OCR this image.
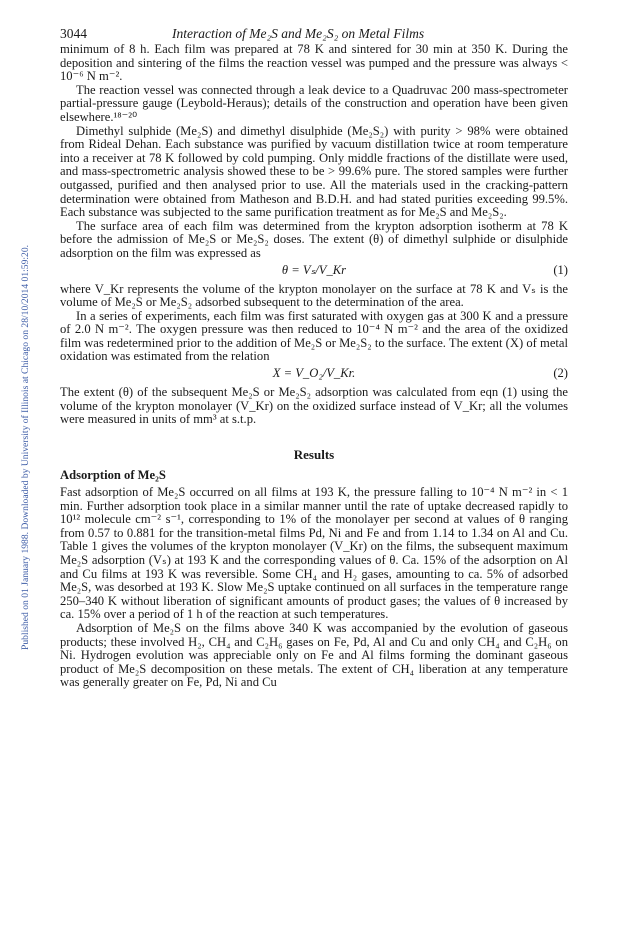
Published on 01 January 1988. Downloaded by University of Illinois at Chicago on 28/10/2014 01:59:20.
3044	Interaction of Me₂S and Me₂S₂ on Metal Films

minimum of 8 h. Each film was prepared at 78 K and sintered for 30 min at 350 K. During the deposition and sintering of the films the reaction vessel was pumped and the pressure was always < 10⁻⁶ N m⁻².

The reaction vessel was connected through a leak device to a Quadruvac 200 mass-spectrometer partial-pressure gauge (Leybold-Heraus); details of the construction and operation have been given elsewhere.¹⁸⁻²⁰

Dimethyl sulphide (Me₂S) and dimethyl disulphide (Me₂S₂) with purity > 98% were obtained from Rideal Dehan. Each substance was purified by vacuum distillation twice at room temperature into a receiver at 78 K followed by cold pumping. Only middle fractions of the distillate were used, and mass-spectrometric analysis showed these to be > 99.6% pure. The stored samples were further outgassed, purified and then analysed prior to use. All the materials used in the cracking-pattern determination were obtained from Matheson and B.D.H. and had stated purities exceeding 99.5%. Each substance was subjected to the same purification treatment as for Me₂S and Me₂S₂.

The surface area of each film was determined from the krypton adsorption isotherm at 78 K before the admission of Me₂S or Me₂S₂ doses. The extent (θ) of dimethyl sulphide or disulphide adsorption on the film was expressed as

θ = Vₛ/V_Kr	(1)

where V_Kr represents the volume of the krypton monolayer on the surface at 78 K and Vₛ is the volume of Me₂S or Me₂S₂ adsorbed subsequent to the determination of the area.

In a series of experiments, each film was first saturated with oxygen gas at 300 K and a pressure of 2.0 N m⁻². The oxygen pressure was then reduced to 10⁻⁴ N m⁻² and the area of the oxidized film was redetermined prior to the addition of Me₂S or Me₂S₂ to the surface. The extent (X) of metal oxidation was estimated from the relation

X = V_O₂/V_Kr.	(2)

The extent (θ) of the subsequent Me₂S or Me₂S₂ adsorption was calculated from eqn (1) using the volume of the krypton monolayer (V_Kr) on the oxidized surface instead of V_Kr; all the volumes were measured in units of mm³ at s.t.p.

Results
Adsorption of Me₂S

Fast adsorption of Me₂S occurred on all films at 193 K, the pressure falling to 10⁻⁴ N m⁻² in < 1 min. Further adsorption took place in a similar manner until the rate of uptake decreased rapidly to 10¹² molecule cm⁻² s⁻¹, corresponding to 1% of the monolayer per second at values of θ ranging from 0.57 to 0.881 for the transition-metal films Pd, Ni and Fe and from 1.14 to 1.34 on Al and Cu. Table 1 gives the volumes of the krypton monolayer (V_Kr) on the films, the subsequent maximum Me₂S adsorption (Vₛ) at 193 K and the corresponding values of θ. Ca. 15% of the adsorption on Al and Cu films at 193 K was reversible. Some CH₄ and H₂ gases, amounting to ca. 5% of adsorbed Me₂S, was desorbed at 193 K. Slow Me₂S uptake continued on all surfaces in the temperature range 250–340 K without liberation of significant amounts of product gases; the values of θ increased by ca. 15% over a period of 1 h of the reaction at such temperatures.

Adsorption of Me₂S on the films above 340 K was accompanied by the evolution of gaseous products; these involved H₂, CH₄ and C₂H₆ gases on Fe, Pd, Al and Cu and only CH₄ and C₂H₆ on Ni. Hydrogen evolution was appreciable only on Fe and Al films forming the dominant gaseous product of Me₂S decomposition on these metals. The extent of CH₄ liberation at any temperature was generally greater on Fe, Pd, Ni and Cu
